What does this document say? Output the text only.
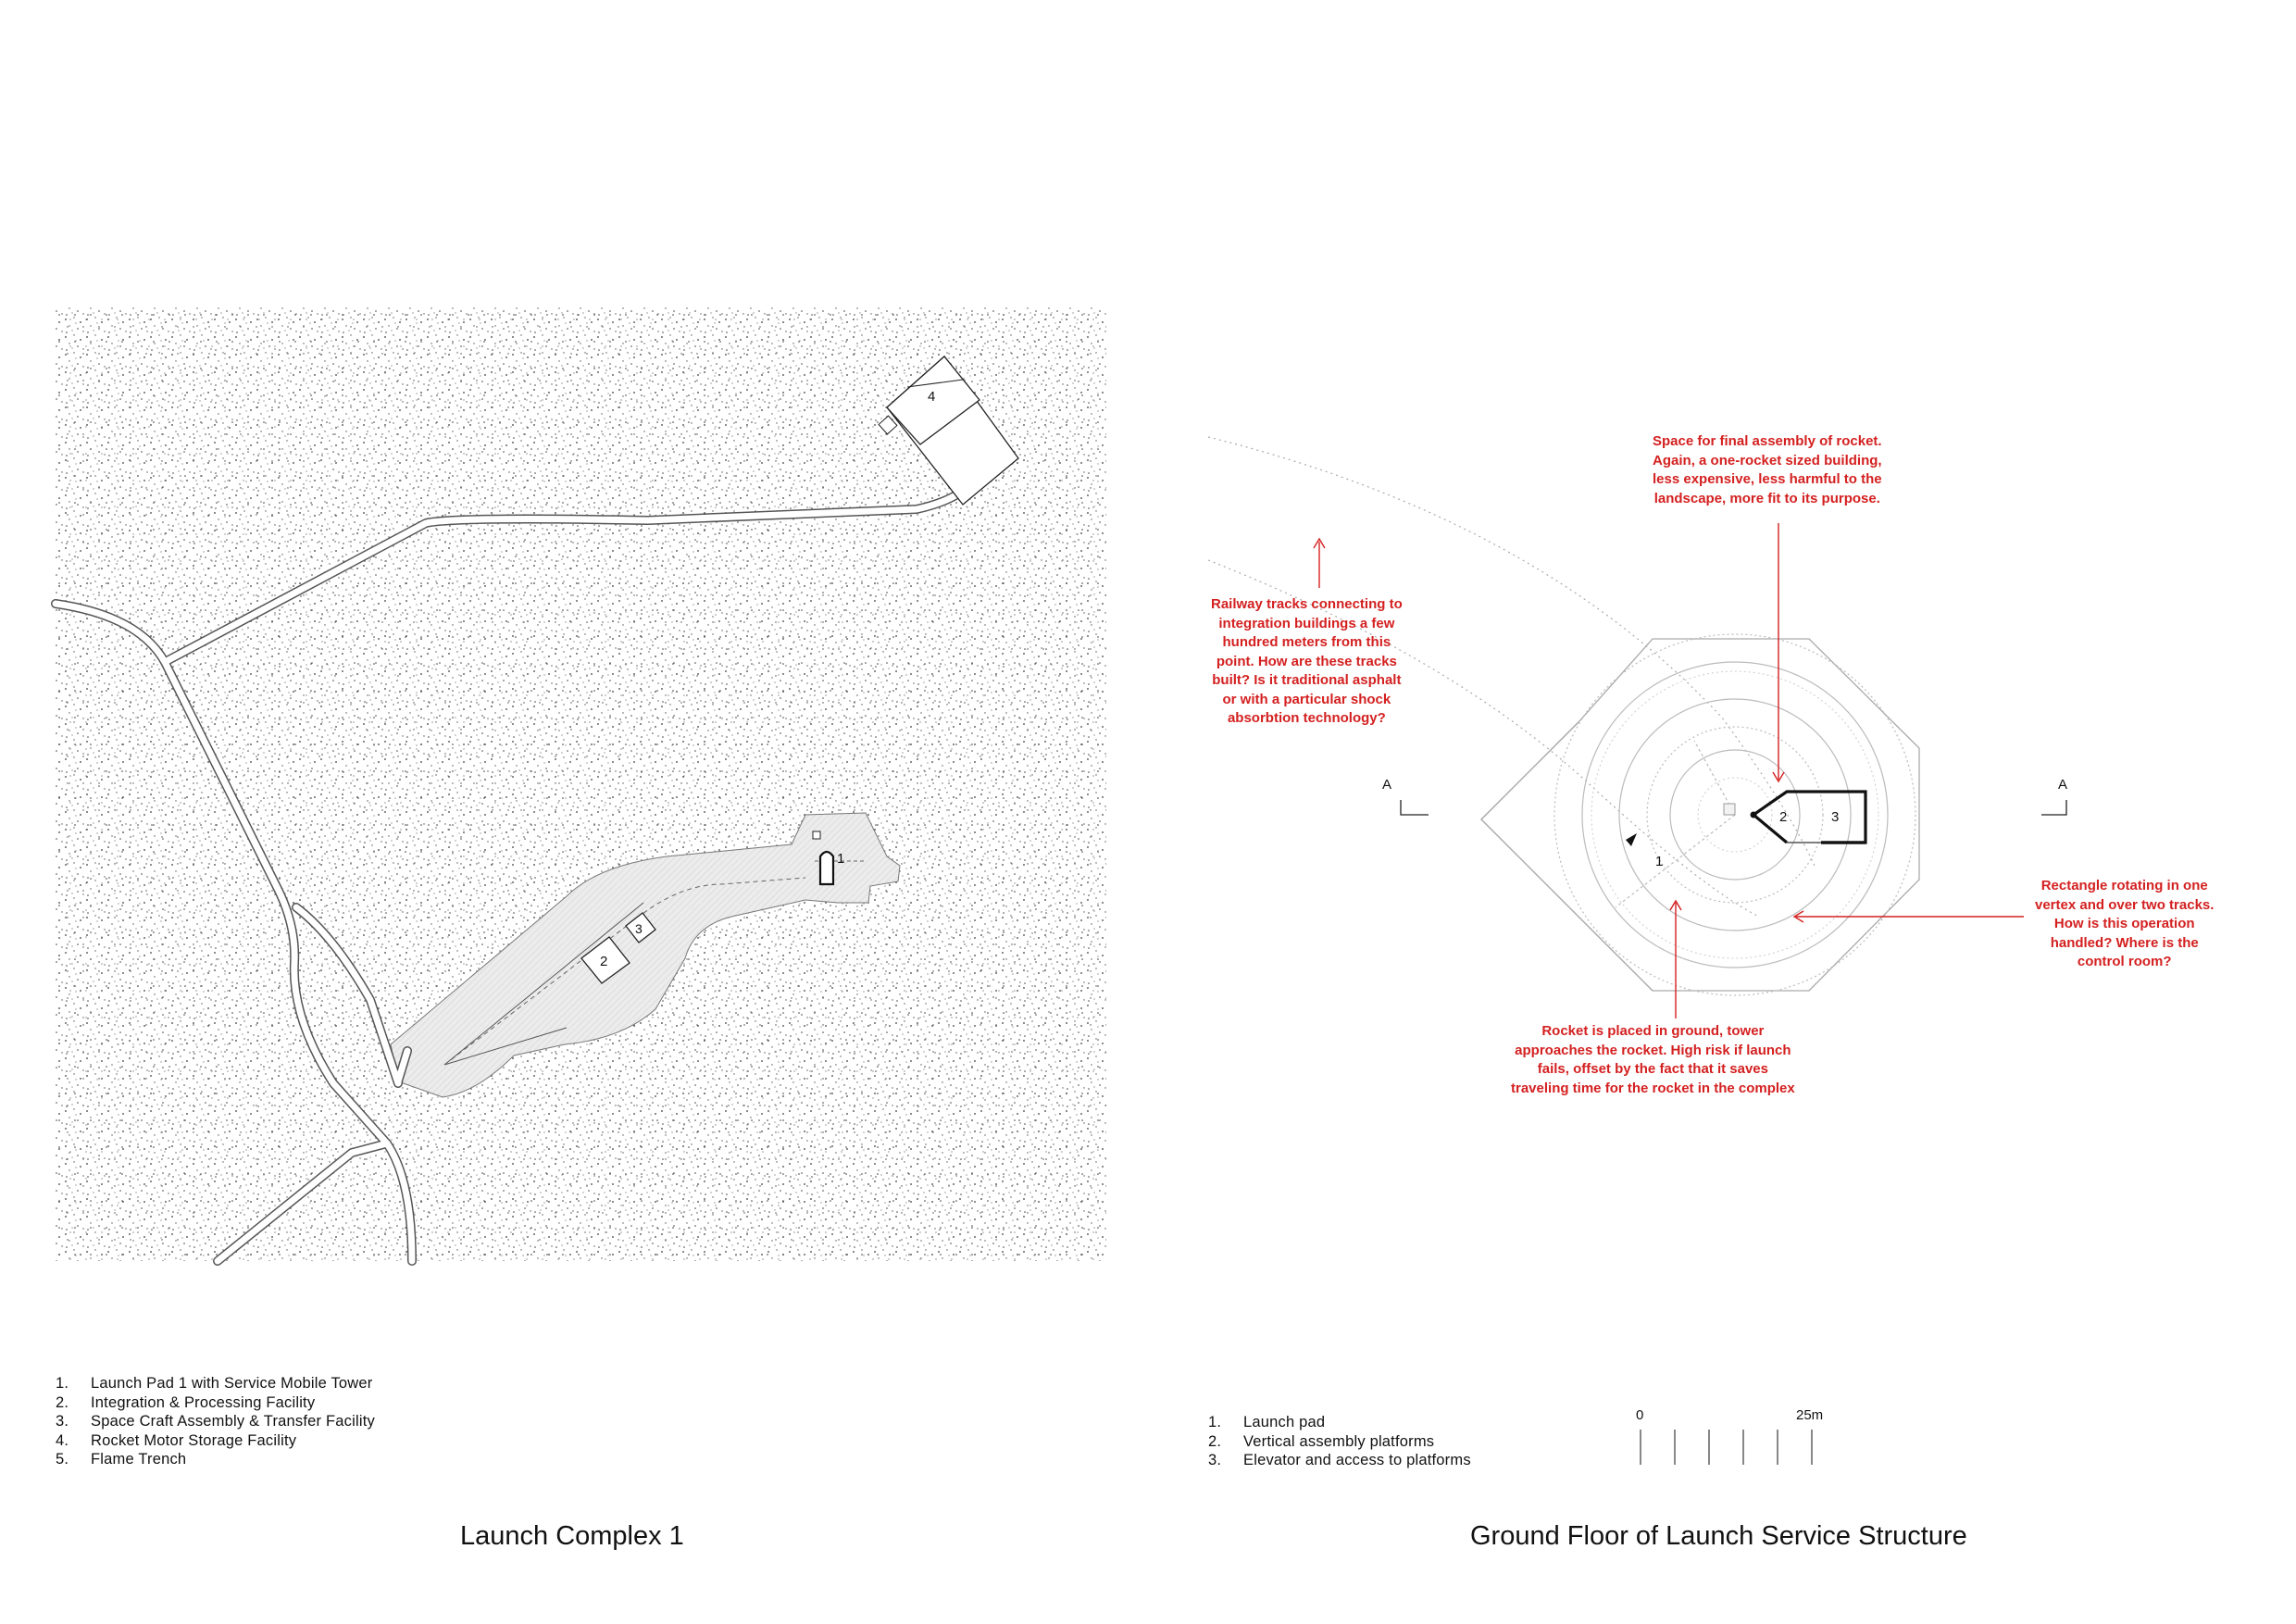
4
2
3
1	1
2	3
A	A
Space for final assembly of rocket.
Again, a one-rocket sized building,
less expensive, less harmful to the
landscape, more fit to its purpose.
Railway tracks connecting to
integration buildings a few
hundred meters from this
point. How are these tracks
built? Is it traditional asphalt
or with a particular shock
absorbtion technology?
Rectangle rotating in one
vertex and over two tracks.
How is this operation
handled? Where is the
control room?
Rocket is placed in ground, tower
approaches the rocket. High risk if launch
fails, offset by the fact that it saves
traveling time for the rocket in the complex
1.	Launch Pad 1 with Service Mobile Tower
2.	Integration & Processing Facility
3.	Space Craft Assembly & Transfer Facility
4.	Rocket Motor Storage Facility
5.	Flame Trench
1.	Launch pad
2.	Vertical assembly platforms
3.	Elevator and access to platforms
0	25m
Launch Complex 1	Ground Floor of Launch Service Structure
